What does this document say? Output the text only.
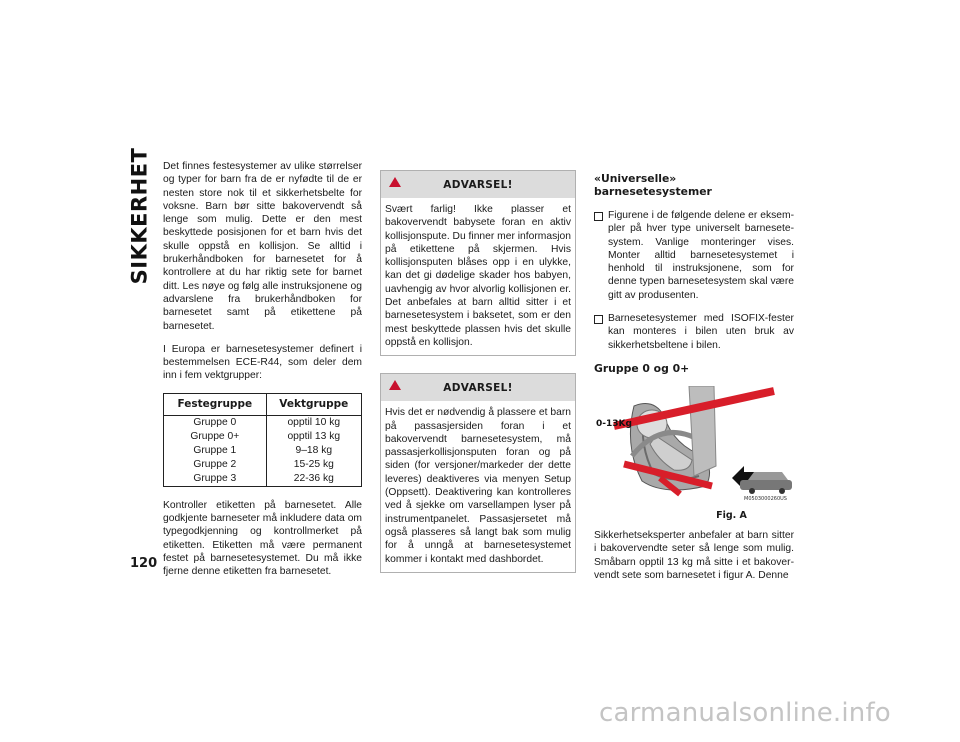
SIKKERHET
120

Det finnes festesystemer av ulike størrelser og typer for barn fra de er nyfødte til de er nesten store nok til et sikkerhetsbelte for voksne. Barn bør sitte bakovervendt så lenge som mulig. Dette er den mest beskyttede posisjonen for et barn hvis det skulle oppstå en kollisjon. Se alltid i brukerhåndboken for barnesetet for å kontrollere at du har riktig sete for barnet ditt. Les nøye og følg alle instruksjonene og advarslene fra brukerhåndboken for barnesetet samt på etikettene på barnesetet.

I Europa er barnesetesystemer definert i bestemmelsen ECE-R44, som deler dem inn i fem vektgrupper:

Festegruppe	Vektgruppe
Gruppe 0	opptil 10 kg
Gruppe 0+	opptil 13 kg
Gruppe 1	9–18 kg
Gruppe 2	15-25 kg
Gruppe 3	22-36 kg

Kontroller etiketten på barnesetet. Alle godkjente barneseter må inkludere data om typegodkjenning og kontrollmerket på etiketten. Etiketten må være permanent festet på barnesetesystemet. Du må ikke fjerne denne etiketten fra barnesetet.

ADVARSEL!

Svært farlig! Ikke plasser et bakovervendt babysete foran en aktiv kollisjonspute. Du finner mer informasjon på etikettene på skjermen. Hvis kollisjonsputen blåses opp i en ulykke, kan det gi dødelige skader hos babyen, uavhengig av hvor alvorlig kollisjonen er. Det anbefales at barn alltid sitter i et barnesetesystem i baksetet, som er den mest beskyttede plassen hvis det skulle oppstå en kollisjon.

ADVARSEL!

Hvis det er nødvendig å plassere et barn på passasjersiden foran i et bakovervendt barnesetesystem, må passasjerkollisjonsputen foran og på siden (for versjoner/markeder der dette leveres) deaktiveres via menyen Setup (Oppsett). Deaktivering kan kontrolleres ved å sjekke om varsellampen lyser på instrumentpanelet. Passasjersetet må også plasseres så langt bak som mulig for å unngå at barnesetesystemet kommer i kontakt med dashbordet.

«Universelle» barnesetesystemer

Figurene i de følgende delene er eksempler på hver type universelt barnesetesystem. Vanlige monteringer vises. Monter alltid barnesetesystemet i henhold til instruksjonene, som for denne typen barnesetesystem skal være gitt av produsenten.

Barnesetesystemer med ISOFIX-fester kan monteres i bilen uten bruk av sikkerhetsbeltene i bilen.

Gruppe 0 og 0+
0-13Kg
M0503000260US
Fig. A

Sikkerhetseksperter anbefaler at barn sitter i bakovervendte seter så lenge som mulig. Småbarn opptil 13 kg må sitte i et bakovervendt sete som barnesetet i figur A. Denne

carmanualsonline.info
